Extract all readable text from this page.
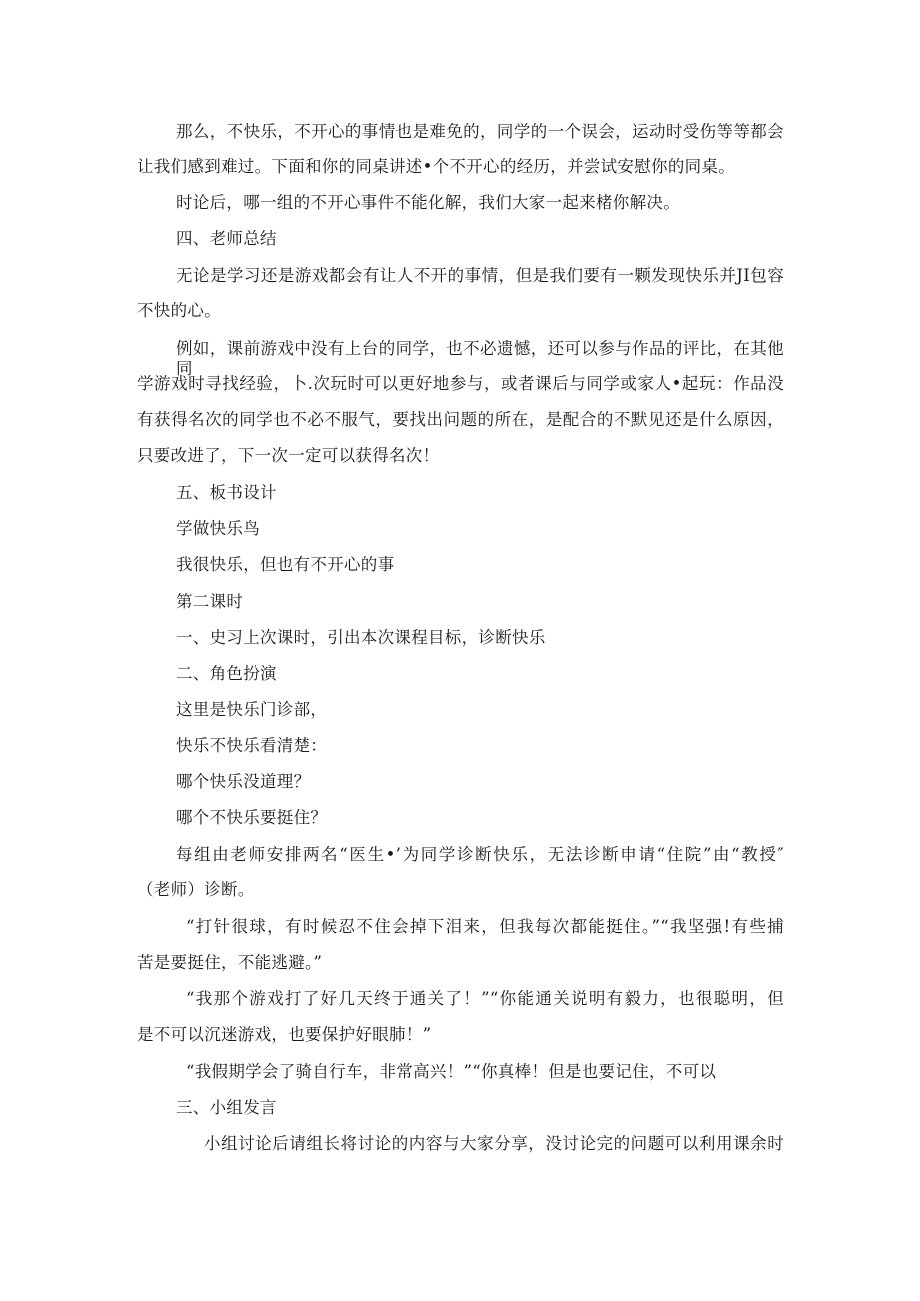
那么，不快乐，不开心的事情也是难免的，同学的一个误会，运动时受伤等等都会
让我们感到难过。下面和你的同桌讲述•个不开心的经历，并尝试安慰你的同桌。
时论后，哪一组的不开心事件不能化解，我们大家一起来楮你解决。
四、老师总结
无论是学习还是游戏都会有让人不开的事情，但是我们要有一颗发现快乐并JI包容
不快的心。
例如，课前游戏中没有上台的同学，也不必遗憾，还可以参与作品的评比，在其他同
学游戏时寻找经验，卜.次玩时可以更好地参与，或者课后与同学或家人•起玩：作品没
有获得名次的同学也不必不服气，要找出问题的所在，是配合的不默见还是什么原因，
只要改进了，下一次一定可以获得名次！
五、板书设计
学做快乐鸟
我很快乐，但也有不开心的事
第二课时
一、史习上次课时，引出本次课程目标，诊断快乐
二、角色扮演
这里是快乐门诊部，
快乐不快乐看清楚：
哪个快乐没道理？
哪个不快乐要挺住？
每组由老师安排两名“医生•’为同学诊断快乐，无法诊断申请“住院”由“教授″
（老师）诊断。
“打针很球，有时候忍不住会掉下泪来，但我每次都能挺住。”“我坚强!有些捕
苦是要挺住，不能逃避。”
“我那个游戏打了好几天终于通关了！”“你能通关说明有毅力，也很聪明，但
是不可以沉迷游戏，也要保护好眼肺！”
“我假期学会了骑自行车，非常高兴！”“你真棒！但是也要记住，不可以
三、小组发言
小组讨论后请组长将讨论的内容与大家分享，没讨论完的问题可以利用课余时
